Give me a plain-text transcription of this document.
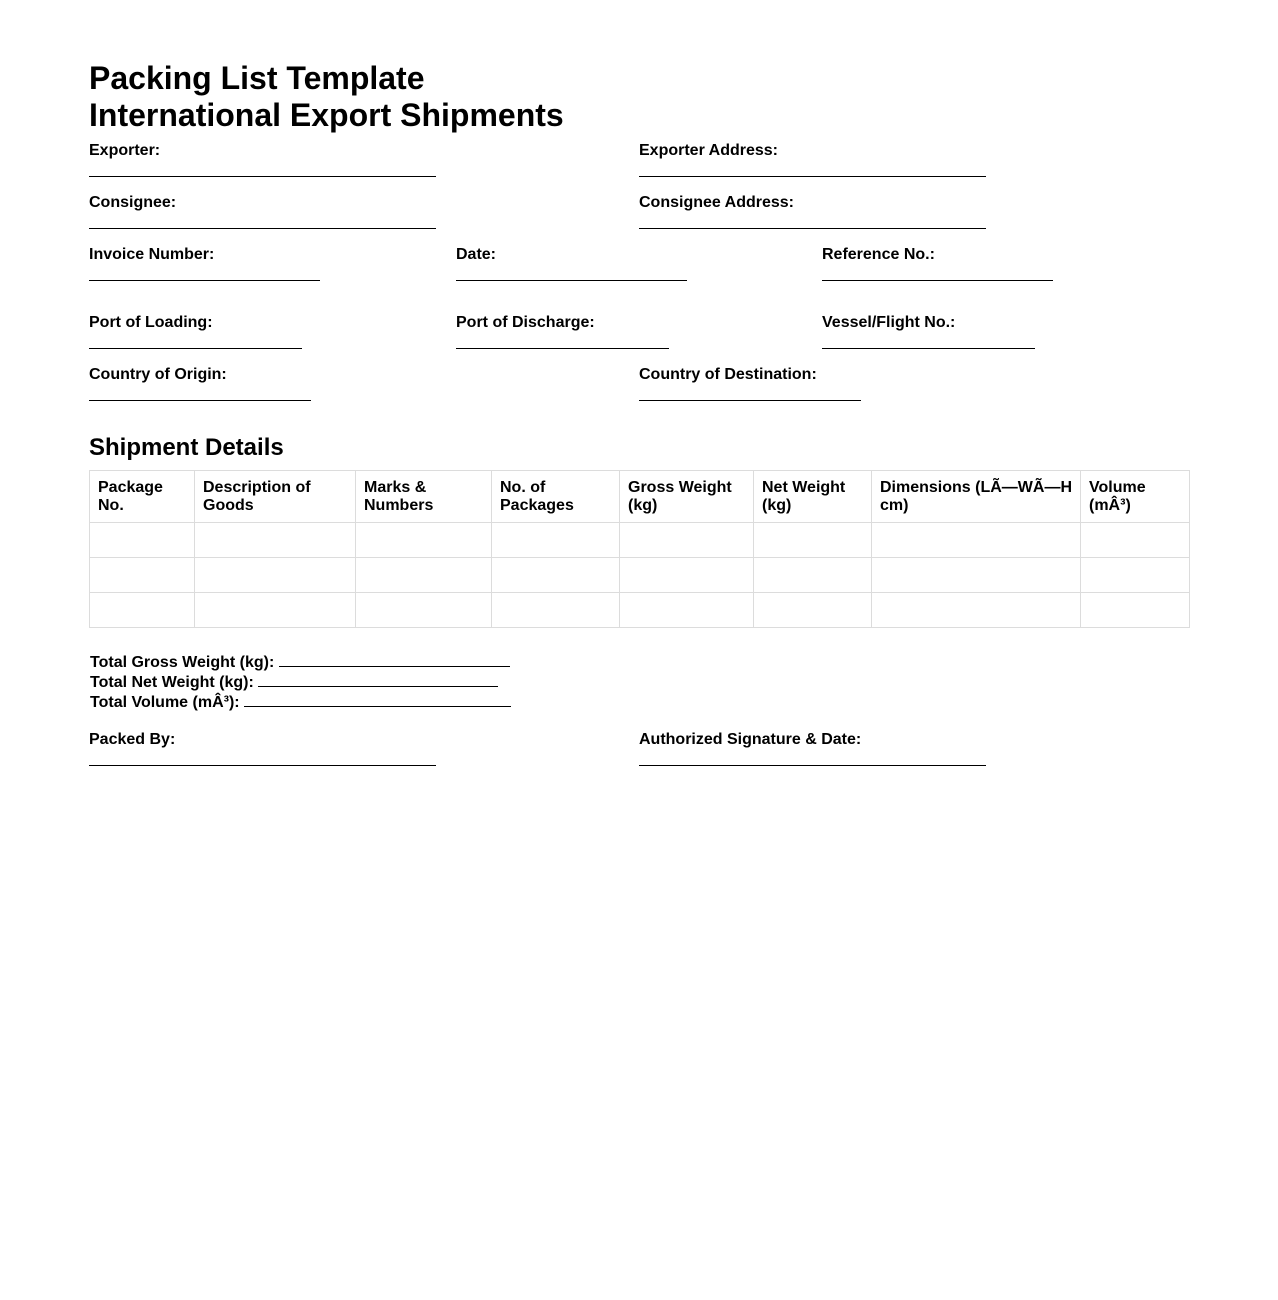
Packing List Template
International Export Shipments
Exporter:	Exporter Address:
Consignee:	Consignee Address:
Invoice Number:	Date:	Reference No.:
Port of Loading:	Port of Discharge:	Vessel/Flight No.:
Country of Origin:	Country of Destination:
Shipment Details
Package No.	Description of Goods	Marks & Numbers	No. of Packages	Gross Weight (kg)	Net Weight (kg)	Dimensions (LÃ—WÃ—H cm)	Volume (mÂ³)

Total Gross Weight (kg):
Total Net Weight (kg):
Total Volume (mÂ³):
Packed By:	Authorized Signature & Date:
